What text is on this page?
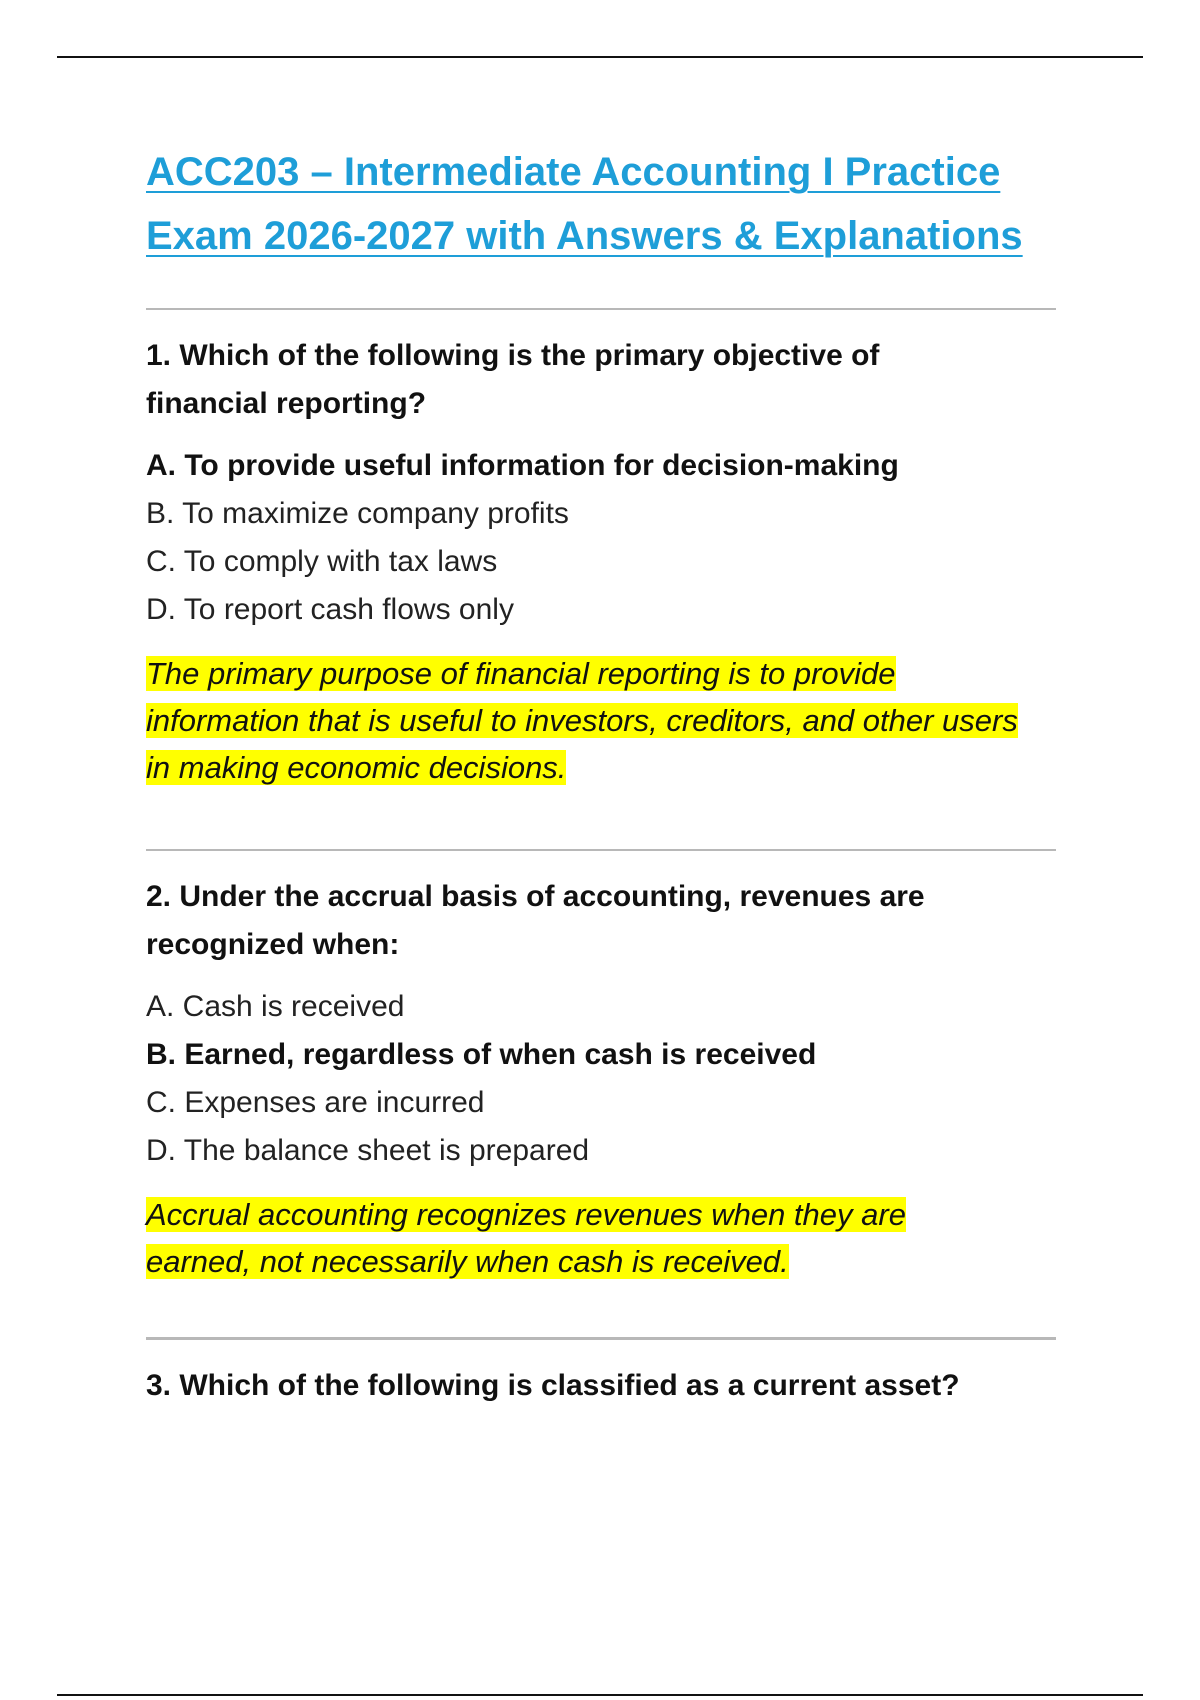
ACC203 – Intermediate Accounting I Practice Exam 2026-2027 with Answers & Explanations

1. Which of the following is the primary objective of financial reporting?

A. To provide useful information for decision-making
B. To maximize company profits
C. To comply with tax laws
D. To report cash flows only

The primary purpose of financial reporting is to provide information that is useful to investors, creditors, and other users in making economic decisions.

2. Under the accrual basis of accounting, revenues are recognized when:

A. Cash is received
B. Earned, regardless of when cash is received
C. Expenses are incurred
D. The balance sheet is prepared

Accrual accounting recognizes revenues when they are earned, not necessarily when cash is received.

3. Which of the following is classified as a current asset?
